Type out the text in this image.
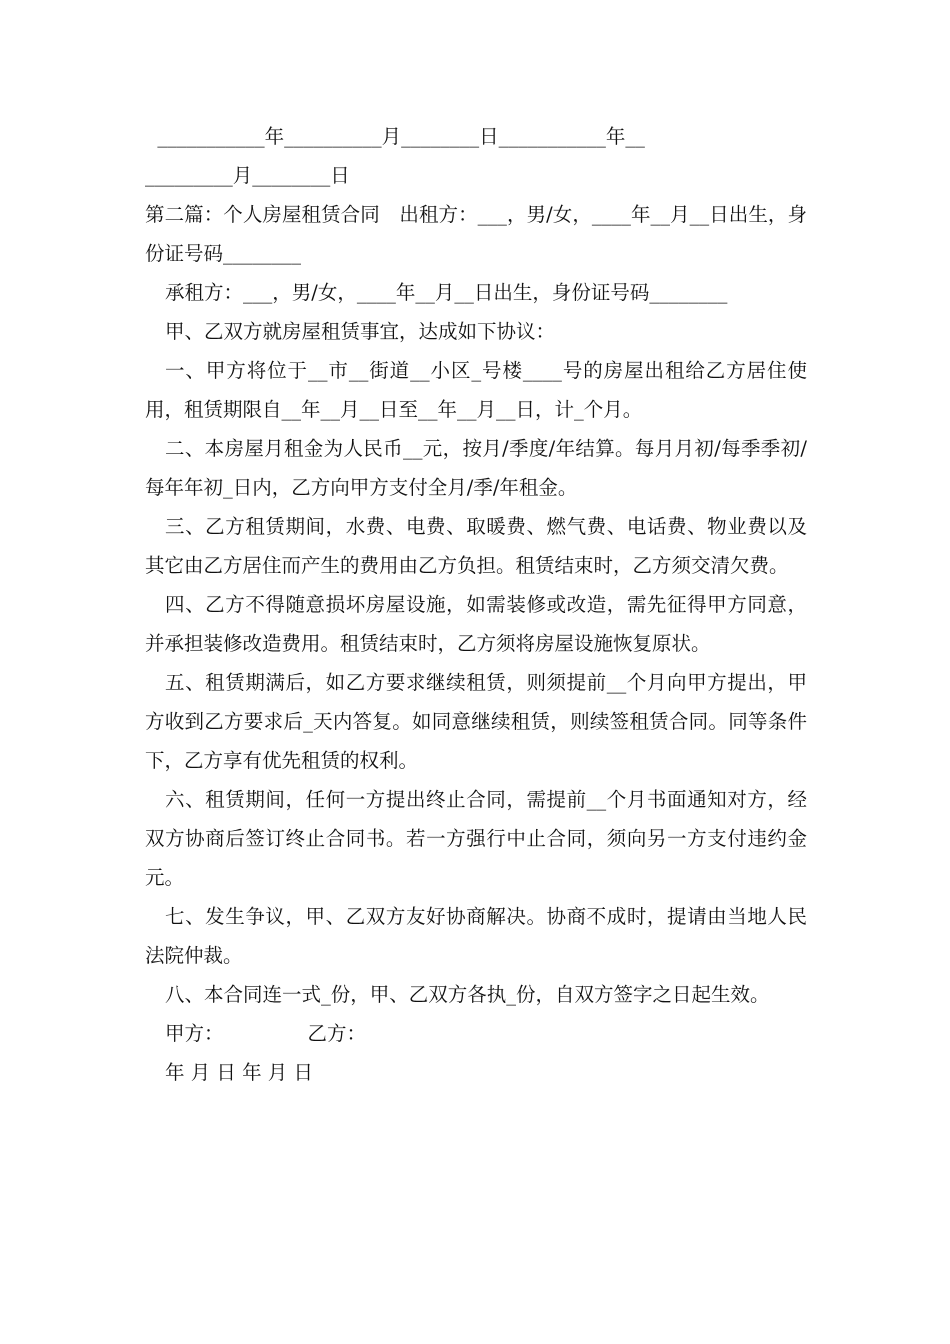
___________年__________月________日___________年__
_________月________日
第二篇：个人房屋租赁合同　出租方：___，男/女，____年__月__日出生，身份证号码________
承租方：___，男/女，____年__月__日出生，身份证号码________
甲、乙双方就房屋租赁事宜，达成如下协议：
一、甲方将位于__市__街道__小区_号楼____号的房屋出租给乙方居住使用，租赁期限自__年__月__日至__年__月__日，计_个月。
二、本房屋月租金为人民币__元，按月/季度/年结算。每月月初/每季季初/每年年初_日内，乙方向甲方支付全月/季/年租金。
三、乙方租赁期间，水费、电费、取暖费、燃气费、电话费、物业费以及其它由乙方居住而产生的费用由乙方负担。租赁结束时，乙方须交清欠费。
四、乙方不得随意损坏房屋设施，如需装修或改造，需先征得甲方同意，并承担装修改造费用。租赁结束时，乙方须将房屋设施恢复原状。
五、租赁期满后，如乙方要求继续租赁，则须提前__个月向甲方提出，甲方收到乙方要求后_天内答复。如同意继续租赁，则续签租赁合同。同等条件下，乙方享有优先租赁的权利。
六、租赁期间，任何一方提出终止合同，需提前__个月书面通知对方，经双方协商后签订终止合同书。若一方强行中止合同，须向另一方支付违约金 元。
七、发生争议，甲、乙双方友好协商解决。协商不成时，提请由当地人民法院仲裁。
八、本合同连一式_份，甲、乙双方各执_份，自双方签字之日起生效。
甲方：	乙方：
年 月 日 年 月 日
